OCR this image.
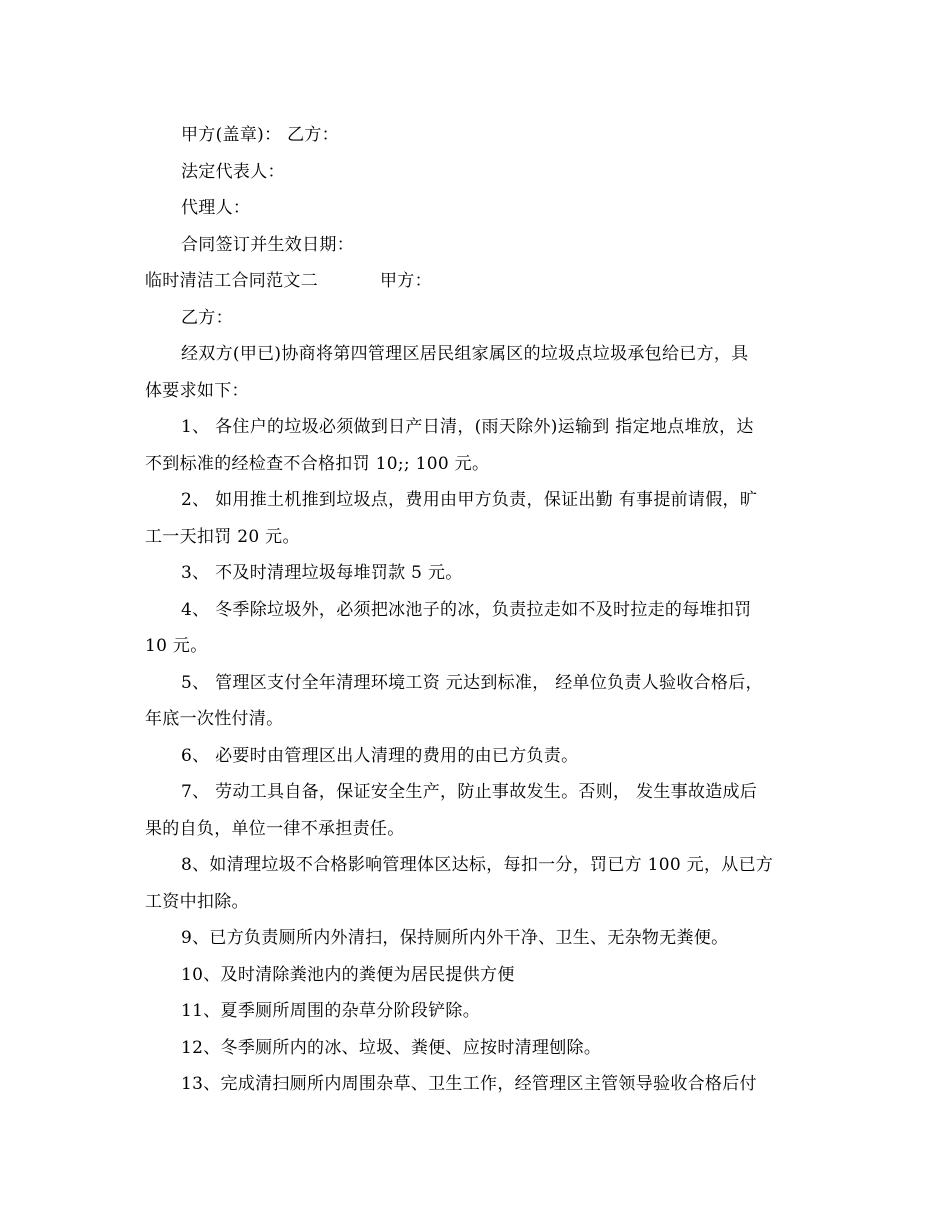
甲方(盖章)： 乙方：
法定代表人：
代理人：
合同签订并生效日期：
临时清洁工合同范文二	甲方：
乙方：
经双方(甲已)协商将第四管理区居民组家属区的垃圾点垃圾承包给已方，具
体要求如下：
1、 各住户的垃圾必须做到日产日清，(雨天除外)运输到 指定地点堆放，达
不到标准的经检查不合格扣罚 10;; 100 元。
2、 如用推土机推到垃圾点，费用由甲方负责，保证出勤 有事提前请假，旷
工一天扣罚 20 元。
3、 不及时清理垃圾每堆罚款 5 元。
4、 冬季除垃圾外，必须把冰池子的冰，负责拉走如不及时拉走的每堆扣罚
10 元。
5、 管理区支付全年清理环境工资 元达到标准， 经单位负责人验收合格后，
年底一次性付清。
6、 必要时由管理区出人清理的费用的由已方负责。
7、 劳动工具自备，保证安全生产，防止事故发生。否则， 发生事故造成后
果的自负，单位一律不承担责任。
8、如清理垃圾不合格影响管理体区达标，每扣一分，罚已方 100 元，从已方
工资中扣除。
9、已方负责厕所内外清扫，保持厕所内外干净、卫生、无杂物无粪便。
10、及时清除粪池内的粪便为居民提供方便
11、夏季厕所周围的杂草分阶段铲除。
12、冬季厕所内的冰、垃圾、粪便、应按时清理刨除。
13、完成清扫厕所内周围杂草、卫生工作，经管理区主管领导验收合格后付
